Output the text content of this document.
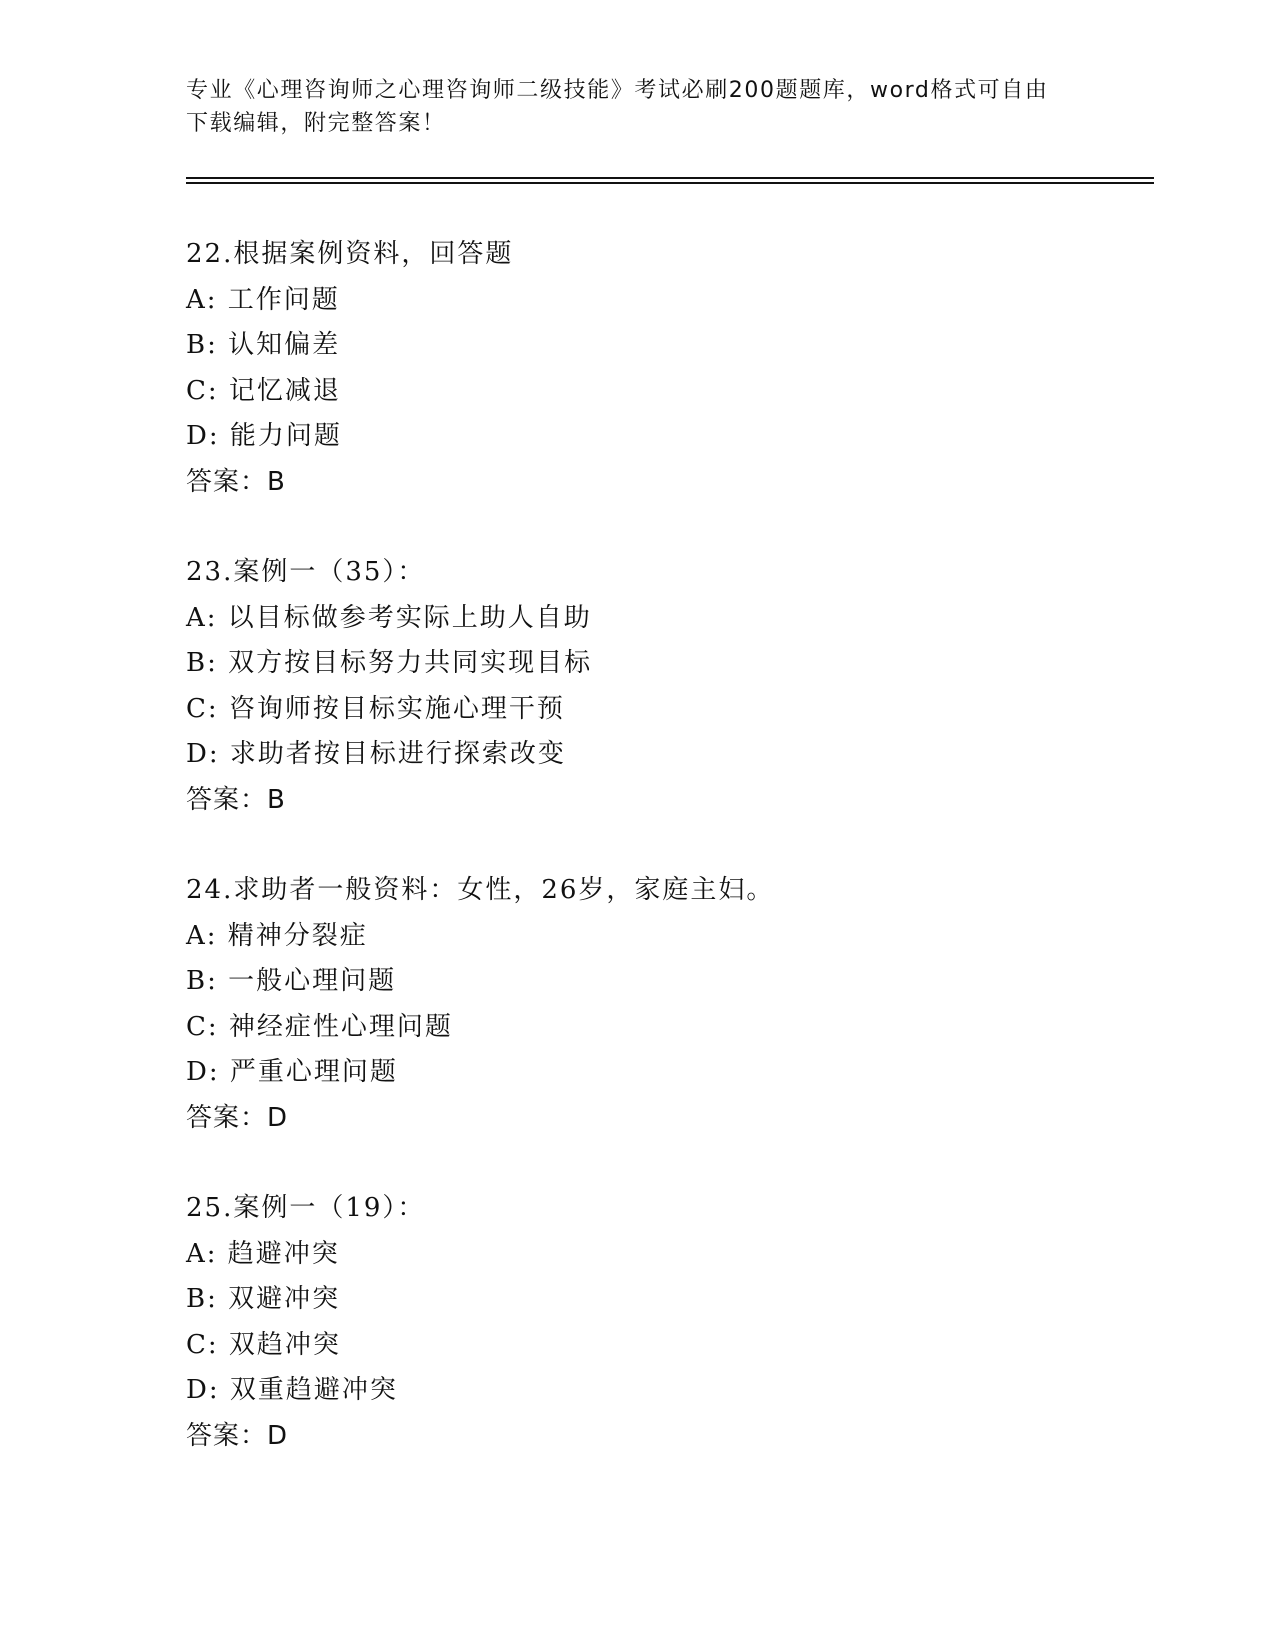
专业《心理咨询师之心理咨询师二级技能》考试必刷200题题库，word格式可自由下载编辑，附完整答案！

22.根据案例资料，回答题
A: 工作问题
B: 认知偏差
C: 记忆减退
D: 能力问题
答案：B
23.案例一（35）：
A: 以目标做参考实际上助人自助
B: 双方按目标努力共同实现目标
C: 咨询师按目标实施心理干预
D: 求助者按目标进行探索改变
答案：B
24.求助者一般资料：女性，26岁，家庭主妇。
A: 精神分裂症
B: 一般心理问题
C: 神经症性心理问题
D: 严重心理问题
答案：D
25.案例一（19）：
A: 趋避冲突
B: 双避冲突
C: 双趋冲突
D: 双重趋避冲突
答案：D
